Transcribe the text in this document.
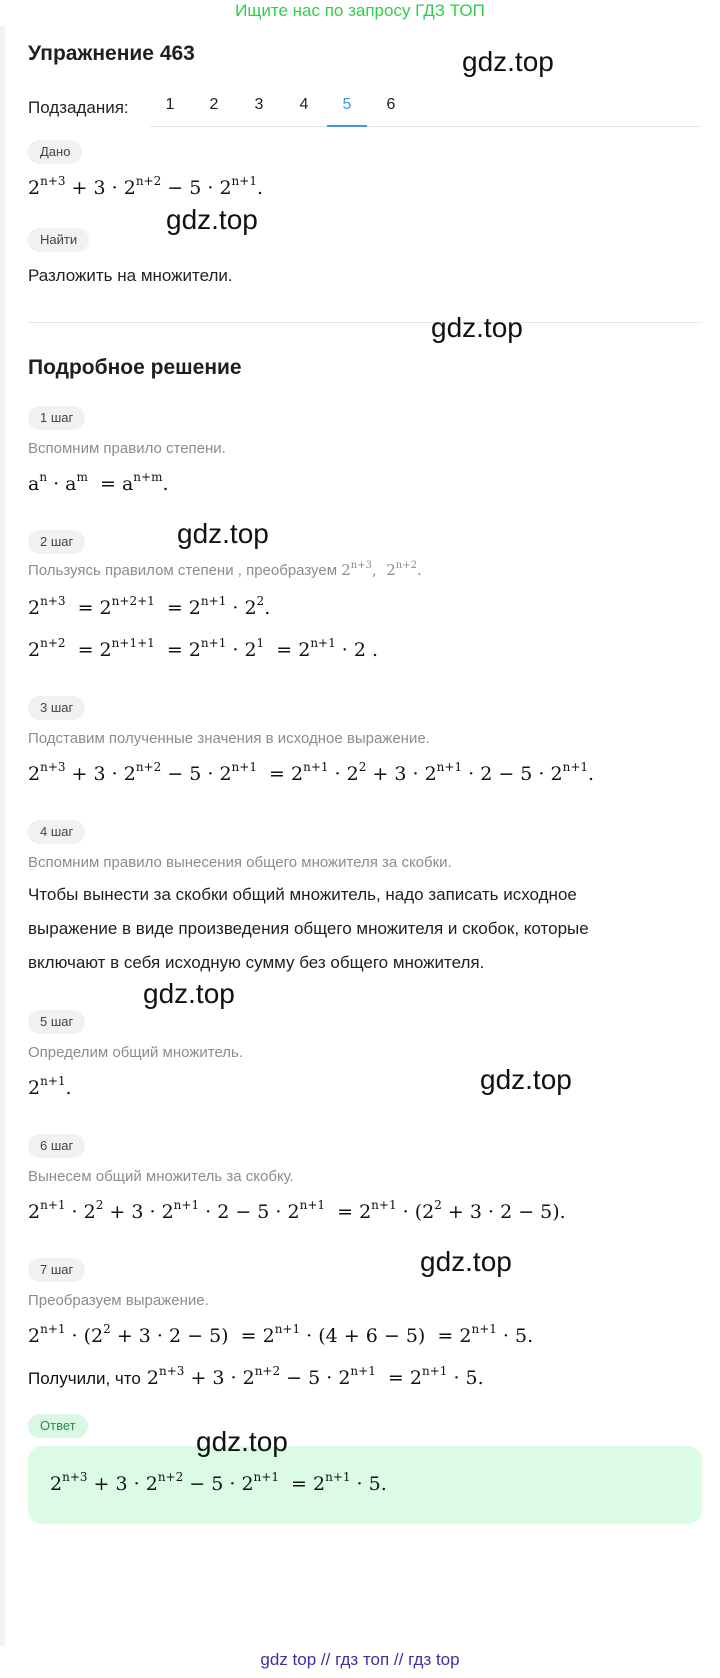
Ищите нас по запросу ГДЗ ТОП
Упражнение 463
Подзадания:	1	2	3	4	5	6
Дано
$2^{n+3} + 3 \cdot 2^{n+2} - 5 \cdot 2^{n+1}$.
Найти
Разложить на множители.
Подробное решение
1 шаг
Вспомним правило степени.
$a^n \cdot a^m = a^{n+m}$.
2 шаг
Пользуясь правилом степени , преобразуем $2^{n+3}$,  $2^{n+2}$.
$2^{n+3} = 2^{n+2+1} = 2^{n+1} \cdot 2^2$.
$2^{n+2} = 2^{n+1+1} = 2^{n+1} \cdot 2^1 = 2^{n+1} \cdot 2$ .
3 шаг
Подставим полученные значения в исходное выражение.
$2^{n+3} + 3 \cdot 2^{n+2} - 5 \cdot 2^{n+1} = 2^{n+1} \cdot 2^2 + 3 \cdot 2^{n+1} \cdot 2 - 5 \cdot 2^{n+1}$.
4 шаг
Вспомним правило вынесения общего множителя за скобки.
Чтобы вынести за скобки общий множитель, надо записать исходное выражение в виде произведения общего множителя и скобок, которые включают в себя исходную сумму без общего множителя.
5 шаг
Определим общий множитель.
$2^{n+1}$.
6 шаг
Вынесем общий множитель за скобку.
$2^{n+1} \cdot 2^2 + 3 \cdot 2^{n+1} \cdot 2 - 5 \cdot 2^{n+1} = 2^{n+1} \cdot (2^2 + 3 \cdot 2 - 5)$.
7 шаг
Преобразуем выражение.
$2^{n+1} \cdot (2^2 + 3 \cdot 2 - 5) = 2^{n+1} \cdot (4 + 6 - 5) = 2^{n+1} \cdot 5$.
Получили, что $2^{n+3} + 3 \cdot 2^{n+2} - 5 \cdot 2^{n+1} = 2^{n+1} \cdot 5$.
Ответ
$2^{n+3} + 3 \cdot 2^{n+2} - 5 \cdot 2^{n+1} = 2^{n+1} \cdot 5$.
gdz.top
gdz.top
gdz.top
gdz.top
gdz.top
gdz.top
gdz.top
gdz.top
gdz top // гдз топ // гдз top
